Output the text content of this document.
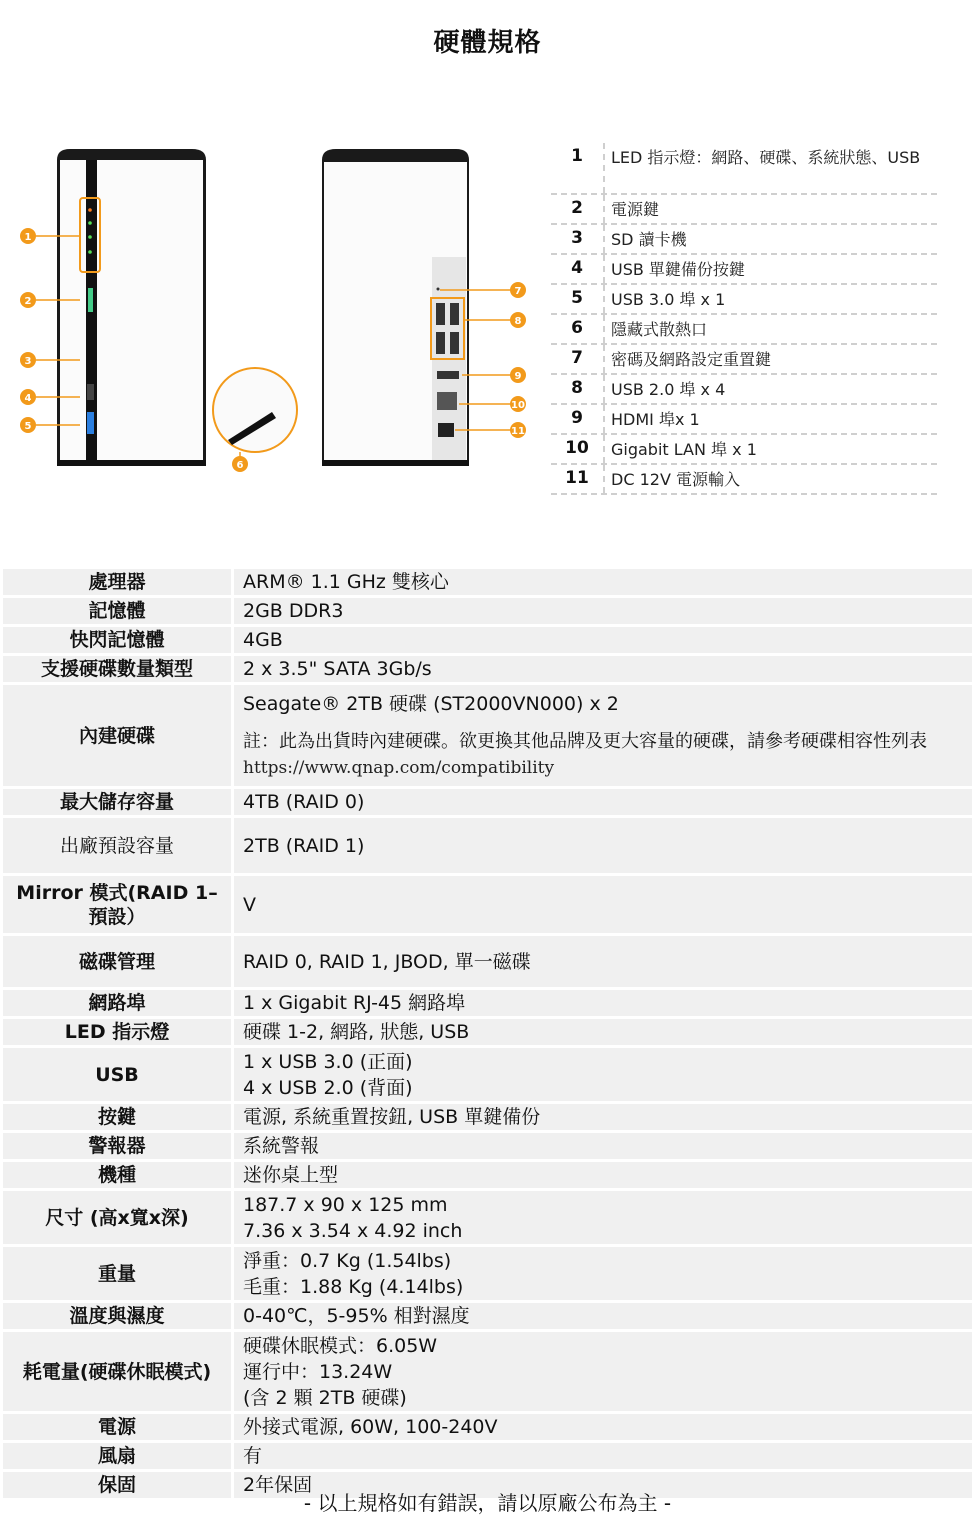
硬體規格
1
2
3
4
5
6
7
8
9
10
11
1	LED 指示燈：網路、硬碟、系統狀態、USB
2	電源鍵
3	SD 讀卡機
4	USB 單鍵備份按鍵
5	USB 3.0 埠 x 1
6	隱藏式散熱口
7	密碼及網路設定重置鍵
8	USB 2.0 埠 x 4
9	HDMI 埠x 1
10	Gigabit LAN 埠 x 1
11	DC 12V 電源輸入
處理器	ARM® 1.1 GHz 雙核心
記憶體	2GB DDR3
快閃記憶體	4GB
支援硬碟數量類型	2 x 3.5" SATA 3Gb/s
內建硬碟	Seagate® 2TB 硬碟 (ST2000VN000) x 2
註：此為出貨時內建硬碟。欲更換其他品牌及更大容量的硬碟，請參考硬碟相容性列表
https://www.qnap.com/compatibility

最大儲存容量	4TB (RAID 0)
出廠預設容量	2TB (RAID 1)
Mirror 模式(RAID 1–預設）	V
磁碟管理	RAID 0, RAID 1, JBOD, 單一磁碟
網路埠	1 x Gigabit RJ-45 網路埠
LED 指示燈	硬碟 1-2, 網路, 狀態, USB
USB	1 x USB 3.0 (正面)
4 x USB 2.0 (背面)

按鍵	電源, 系統重置按鈕, USB 單鍵備份
警報器	系統警報
機種	迷你桌上型
尺寸 (高x寬x深)	187.7 x 90 x 125 mm
7.36 x 3.54 x 4.92 inch

重量	淨重：0.7 Kg (1.54lbs)
毛重：1.88 Kg (4.14lbs)

溫度與濕度	0-40℃，5-95% 相對濕度
耗電量(硬碟休眠模式)	硬碟休眠模式：6.05W
運行中：13.24W
(含 2 顆 2TB 硬碟)

電源	外接式電源, 60W, 100-240V
風扇	有
保固	2年保固
- 以上規格如有錯誤，請以原廠公布為主 -
